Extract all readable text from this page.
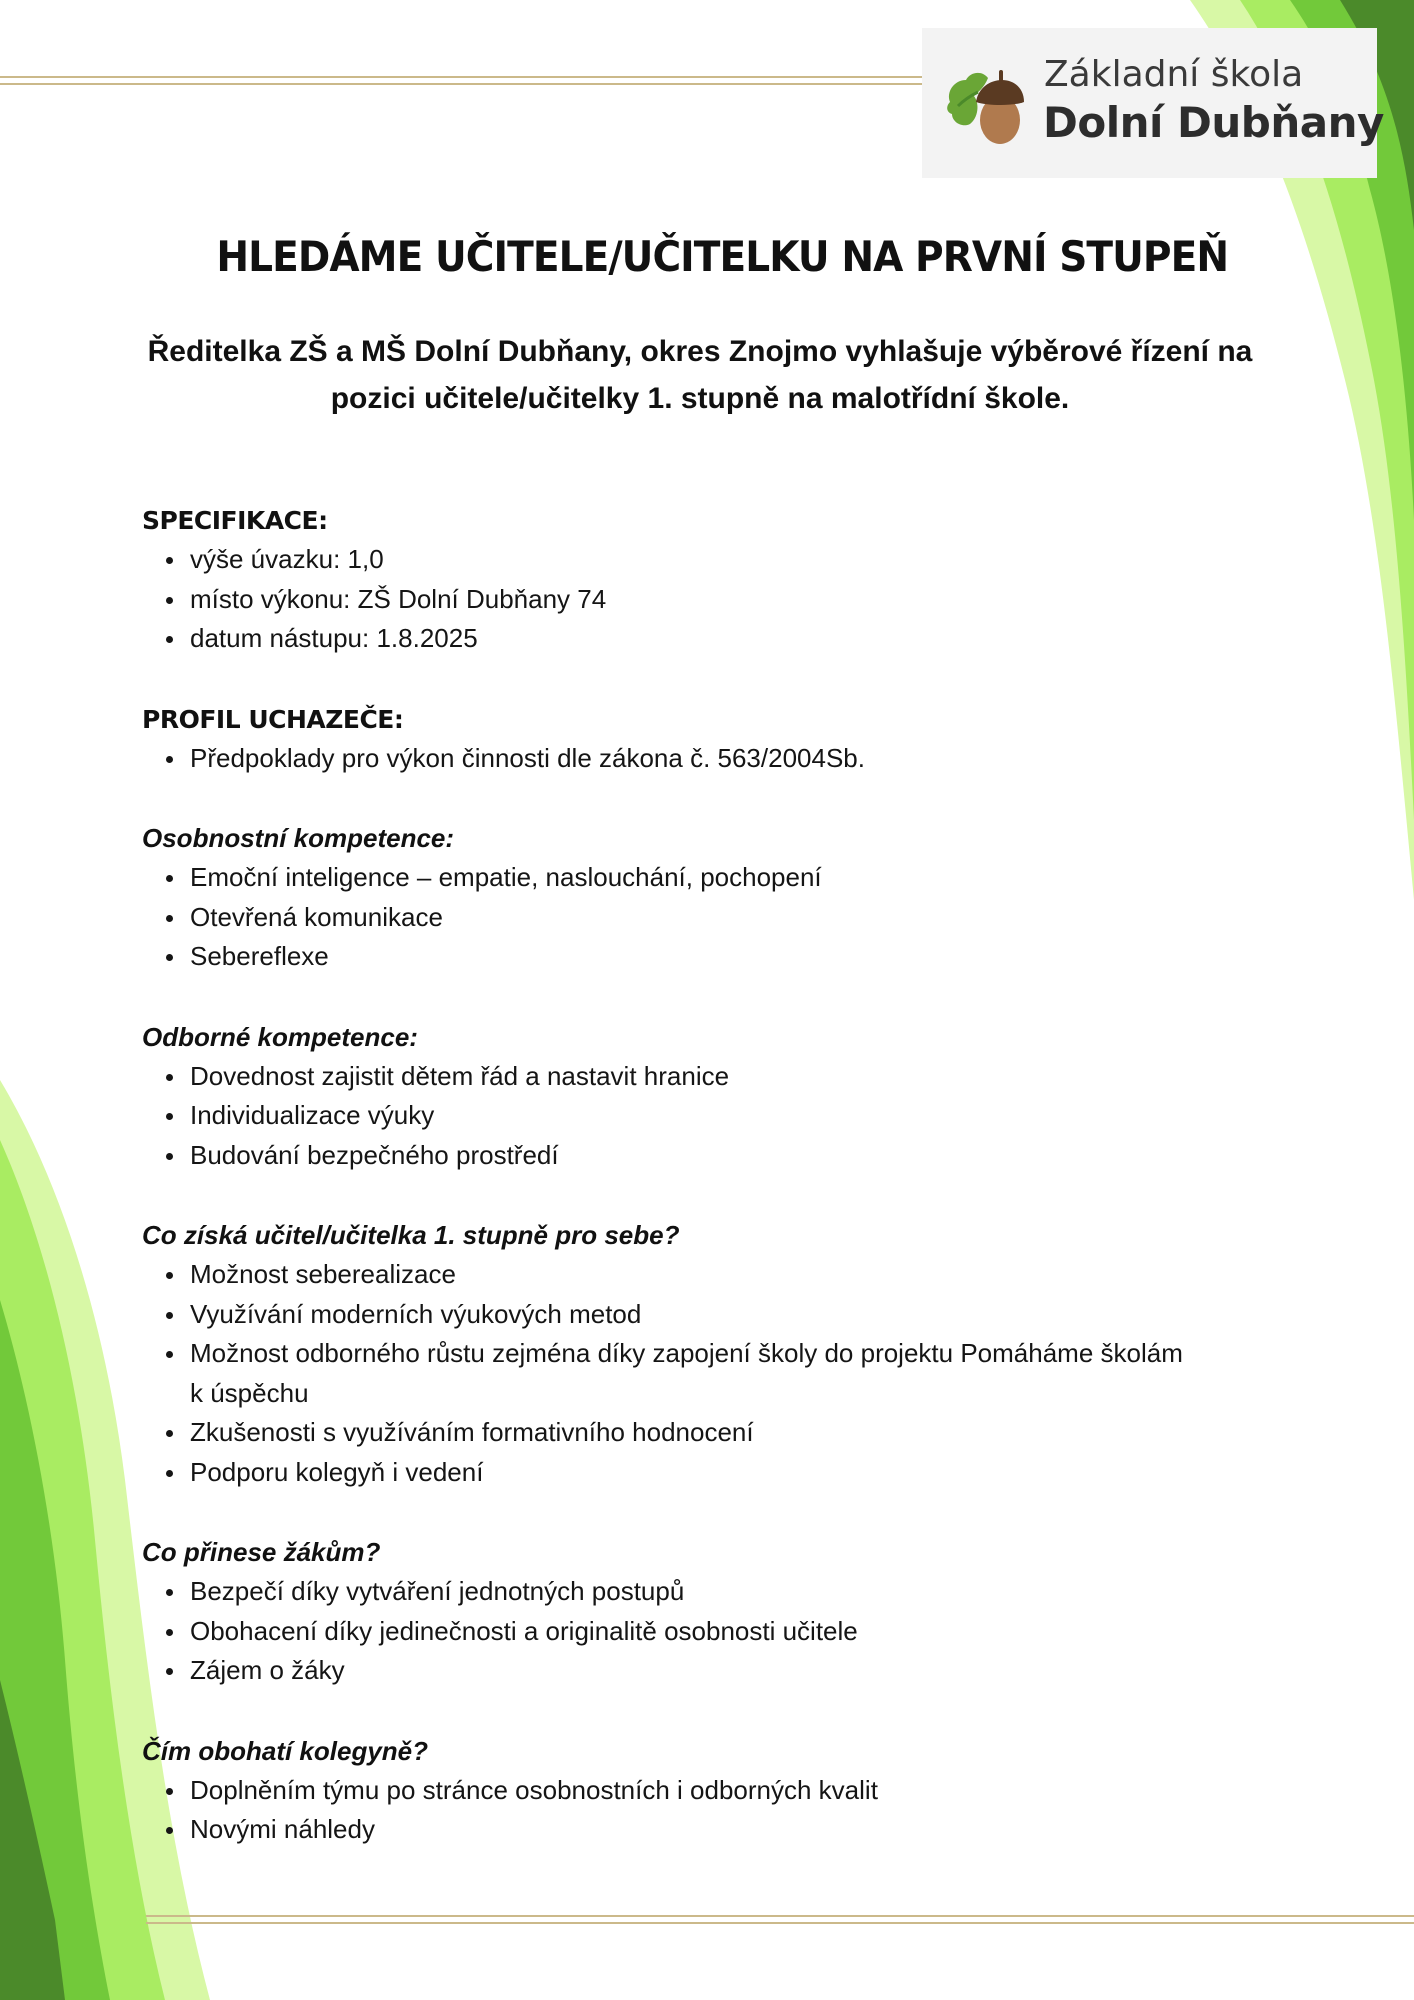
Základní škola
Dolní Dubňany
HLEDÁME UČITELE/UČITELKU NA PRVNÍ STUPEŇ
Ředitelka ZŠ a MŠ Dolní Dubňany, okres Znojmo vyhlašuje výběrové řízení na pozici učitele/učitelky 1. stupně na malotřídní škole.
SPECIFIKACE:
výše úvazku: 1,0
místo výkonu: ZŠ Dolní Dubňany 74
datum nástupu: 1.8.2025
PROFIL UCHAZEČE:
Předpoklady pro výkon činnosti dle zákona č. 563/2004Sb.
Osobnostní kompetence:
Emoční inteligence – empatie, naslouchání, pochopení
Otevřená komunikace
Sebereflexe
Odborné kompetence:
Dovednost zajistit dětem řád a nastavit hranice
Individualizace výuky
Budování bezpečného prostředí
Co získá učitel/učitelka 1. stupně pro sebe?
Možnost seberealizace
Využívání moderních výukových metod
Možnost odborného růstu zejména díky zapojení školy do projektu Pomáháme školám k úspěchu
Zkušenosti s využíváním formativního hodnocení
Podporu kolegyň i vedení
Co přinese žákům?
Bezpečí díky vytváření jednotných postupů
Obohacení díky jedinečnosti a originalitě osobnosti učitele
Zájem o žáky
Čím obohatí kolegyně?
Doplněním týmu po stránce osobnostních i odborných kvalit
Novými náhledy
